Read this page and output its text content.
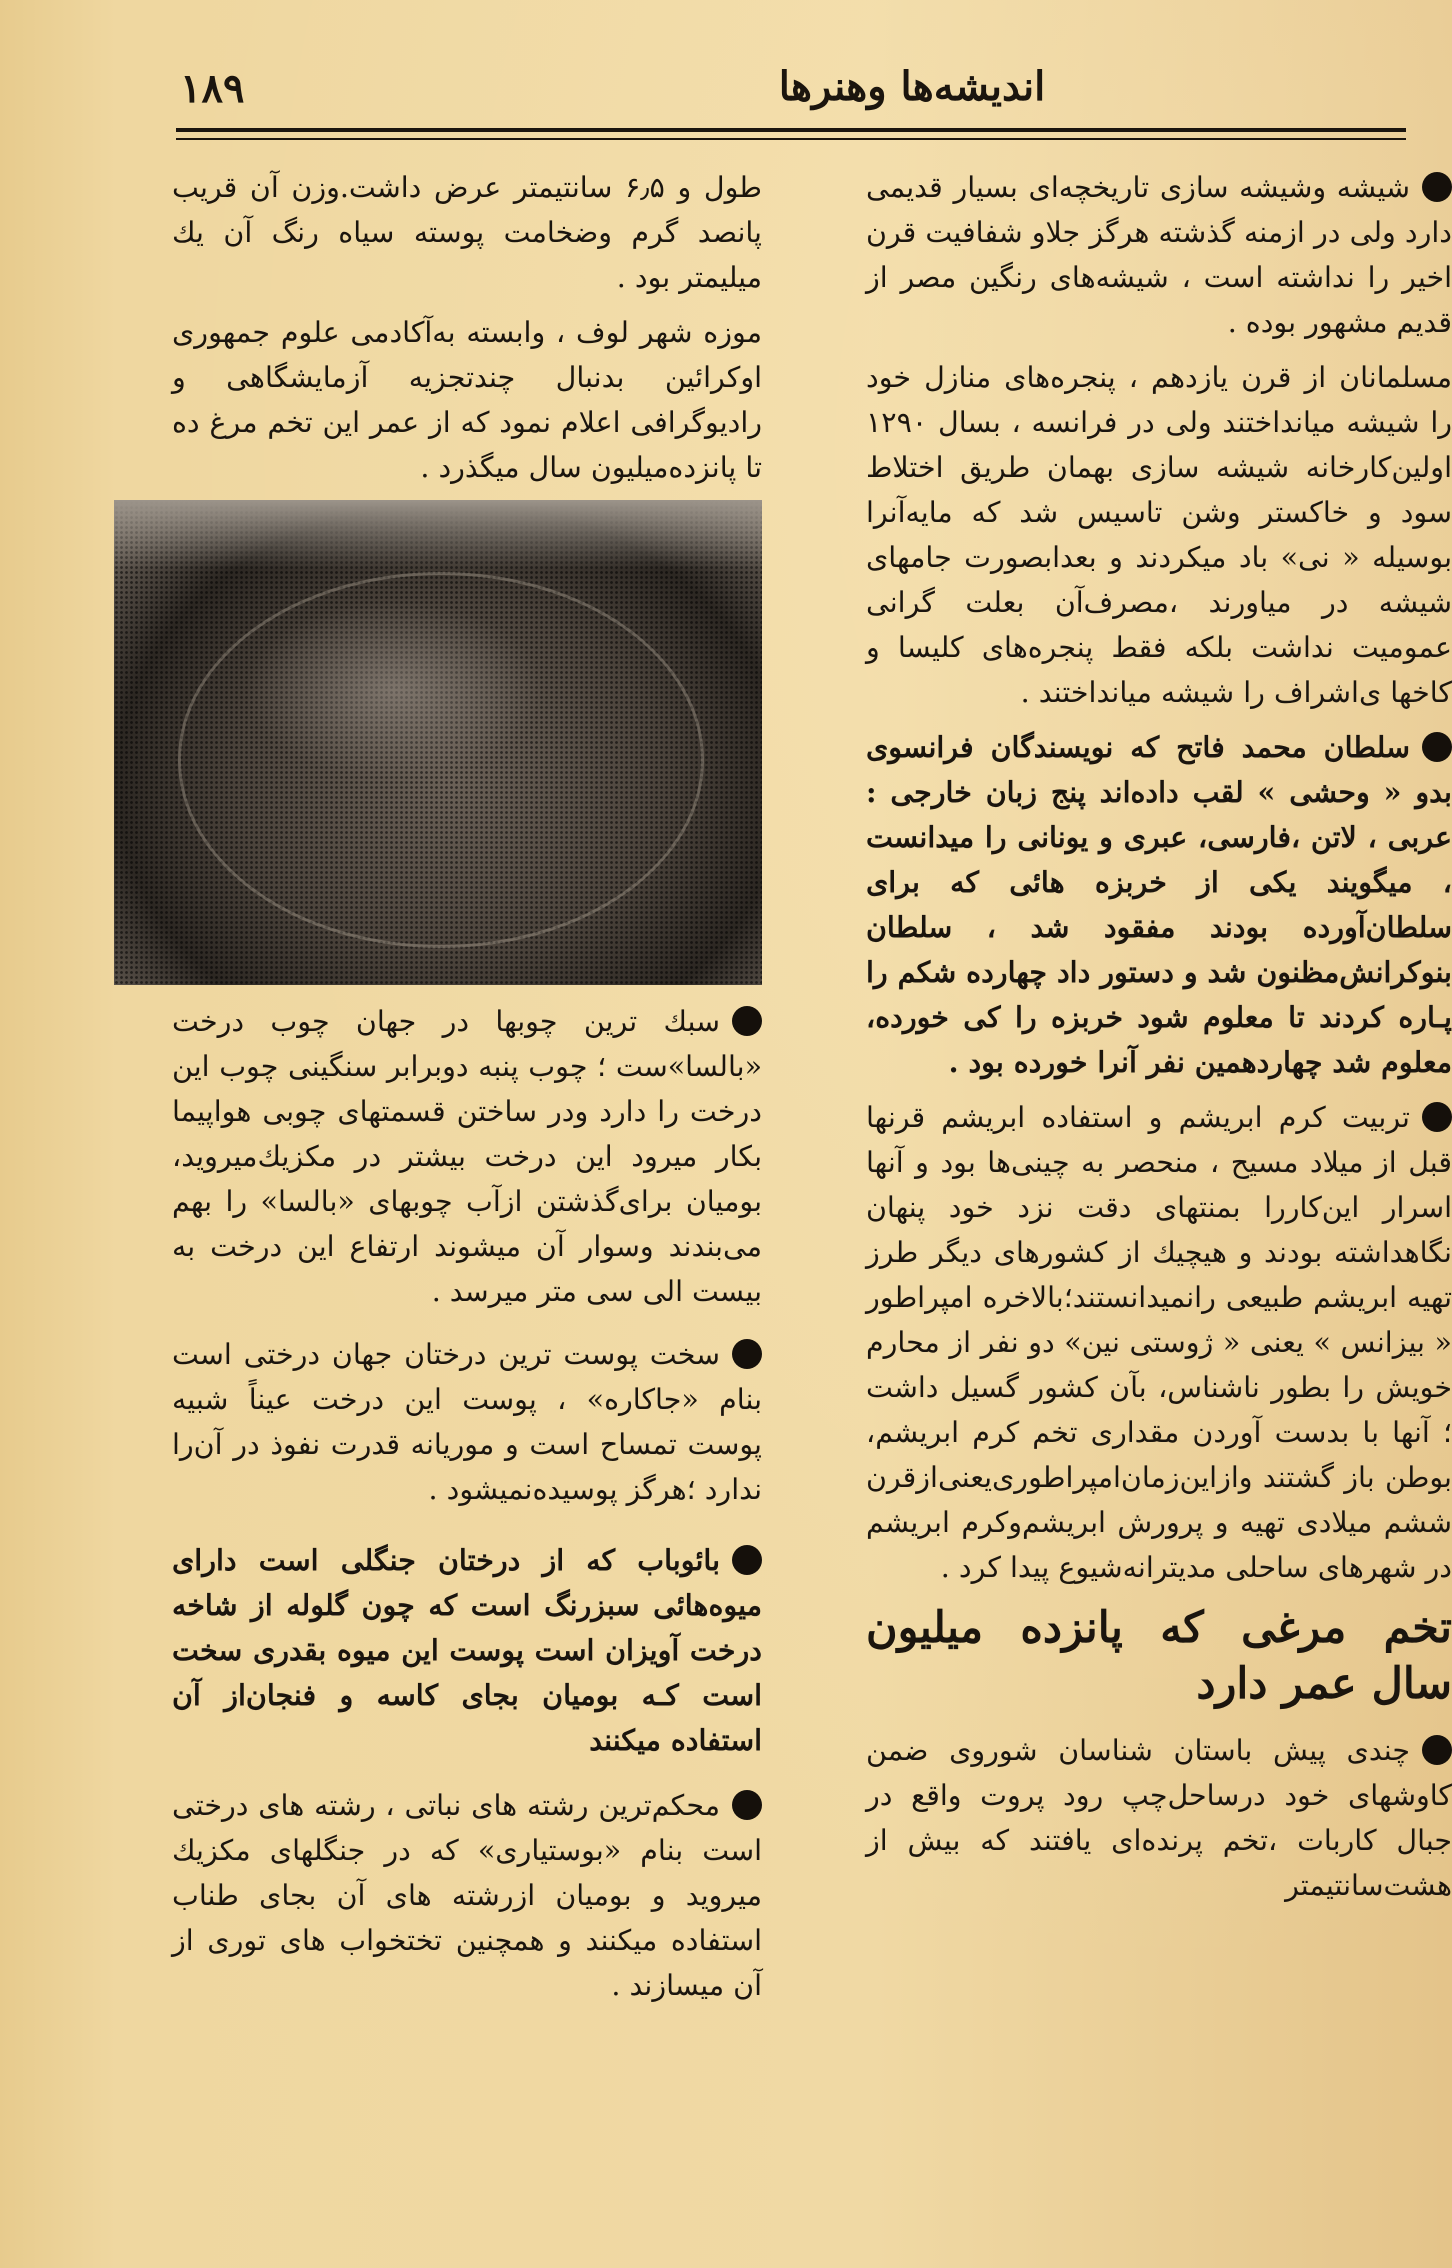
۱۸۹	اندیشه‌ها وهنرها

شیشه وشیشه سازی تاریخچه‌ای بسیار قدیمی دارد ولی در ازمنه گذشته هرگز جلاو شفافیت قرن اخیر را نداشته است ، شیشه‌های رنگین مصر از قدیم مشهور بوده .

مسلمانان از قرن یازدهم ، پنجره‌های منازل خود را شیشه میانداختند ولی در فرانسه ، بسال ۱۲۹۰ اولین‌کارخانه شیشه سازی بهمان طریق اختلاط سود و خاکستر وشن تاسیس شد که مایه‌آنرا بوسیله « نی» باد میکردند و بعدابصورت جامهای شیشه در میاورند ،مصرف‌آن بعلت گرانی عمومیت نداشت بلکه فقط پنجره‌های کلیسا و کاخها ی‌اشراف را شیشه میانداختند .

سلطان محمد فاتح که نویسندگان فرانسوی بدو « وحشی » لقب داده‌اند پنج زبان خارجی : عربی ، لاتن ،فارسی، عبری و یونانی را میدانست ، میگویند یکی از خربزه هائی که برای سلطان‌آورده بودند مفقود شد ، سلطان بنوکرانش‌مظنون شد و دستور داد چهارده شکم را پـاره کردند تا معلوم شود خربزه را کی خورده، معلوم شد چهاردهمین نفر آنرا خورده بود .

تربیت کرم ابریشم و استفاده ابریشم قرنها قبل از میلاد مسیح ، منحصر به چینی‌ها بود و آنها اسرار این‌کاررا بمنتهای دقت نزد خود پنهان نگاهداشته بودند و هیچیك از کشورهای دیگر طرز تهیه ابریشم طبیعی رانمیدانستند؛بالاخره امپراطور « بیزانس » یعنی « ژوستی نین» دو نفر از محارم خویش را بطور ناشناس، بآن کشور گسیل داشت ؛ آنها با بدست آوردن مقداری تخم کرم ابریشم، بوطن باز گشتند وازاین‌زمان‌امپراطوری‌یعنی‌ازقرن ششم میلادی تهیه و پرورش ابریشم‌وکرم ابریشم در شهرهای ساحلی مدیترانه‌شیوع پیدا کرد .

تخم مرغی که پانزده میلیون سال عمر دارد

چندی پیش باستان شناسان شوروی ضمن کاوشهای خود درساحل‌چپ رود پروت واقع در جبال کاربات ،تخم پرنده‌ای یافتند که بیش از هشت‌سانتیمتر

طول و ۶٫۵ سانتیمتر عرض داشت.وزن آن قریب پانصد گرم وضخامت پوسته سیاه رنگ آن یك میلیمتر بود .

موزه شهر لوف ، وابسته به‌آکادمی علوم جمهوری اوکرائین بدنبال چندتجزیه آزمایشگاهی و رادیوگرافی اعلام نمود که از عمر این تخم مرغ ده تا پانزده‌میلیون سال میگذرد .

سبك ترین چوبها در جهان چوب درخت «بالسا»ست ؛ چوب پنبه دوبرابر سنگینی چوب این درخت را دارد ودر ساختن قسمتهای چوبی هواپیما بکار میرود این درخت بیشتر در مکزیك‌میروید، بومیان برای‌گذشتن ازآب چوبهای «بالسا» را بهم می‌بندند وسوار آن میشوند ارتفاع این درخت به بیست الی سی متر میرسد .

سخت پوست ترین درختان جهان درختی است بنام «جاکاره» ، پوست این درخت عیناً شبیه پوست تمساح است و موریانه قدرت نفوذ در آن‌را ندارد ؛هرگز پوسیده‌نمیشود .

بائوباب که از درختان جنگلی است دارای میوه‌هائی سبزرنگ است که چون گلوله از شاخه درخت آویزان است پوست این میوه بقدری سخت است کـه بومیان بجای کاسه و فنجان‌از آن استفاده میکنند

محکم‌ترین رشته های نباتی ، رشته های درختی است بنام «بوستیاری» که در جنگلهای مکزیك میروید و بومیان ازرشته های آن بجای طناب استفاده میکنند و همچنین تختخواب های توری از آن میسازند .
